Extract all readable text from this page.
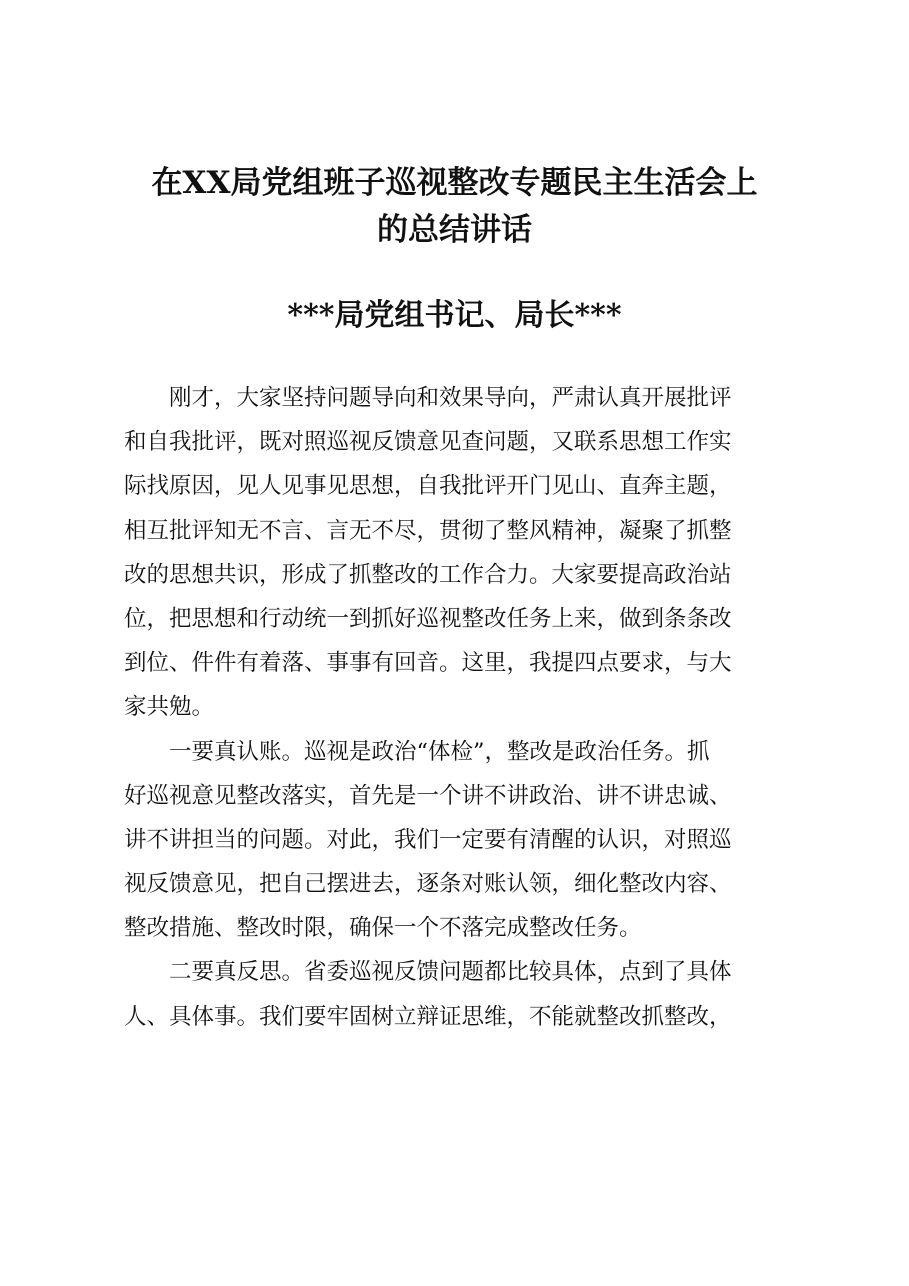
在XX局党组班子巡视整改专题民主生活会上
的总结讲话
***局党组书记、局长***

刚才，大家坚持问题导向和效果导向，严肃认真开展批评
和自我批评，既对照巡视反馈意见查问题，又联系思想工作实
际找原因，见人见事见思想，自我批评开门见山、直奔主题，
相互批评知无不言、言无不尽，贯彻了整风精神，凝聚了抓整
改的思想共识，形成了抓整改的工作合力。大家要提高政治站
位，把思想和行动统一到抓好巡视整改任务上来，做到条条改
到位、件件有着落、事事有回音。这里，我提四点要求，与大
家共勉。

一要真认账。巡视是政治“体检”，整改是政治任务。抓
好巡视意见整改落实，首先是一个讲不讲政治、讲不讲忠诚、
讲不讲担当的问题。对此，我们一定要有清醒的认识，对照巡
视反馈意见，把自己摆进去，逐条对账认领，细化整改内容、
整改措施、整改时限，确保一个不落完成整改任务。

二要真反思。省委巡视反馈问题都比较具体，点到了具体
人、具体事。我们要牢固树立辩证思维，不能就整改抓整改，
